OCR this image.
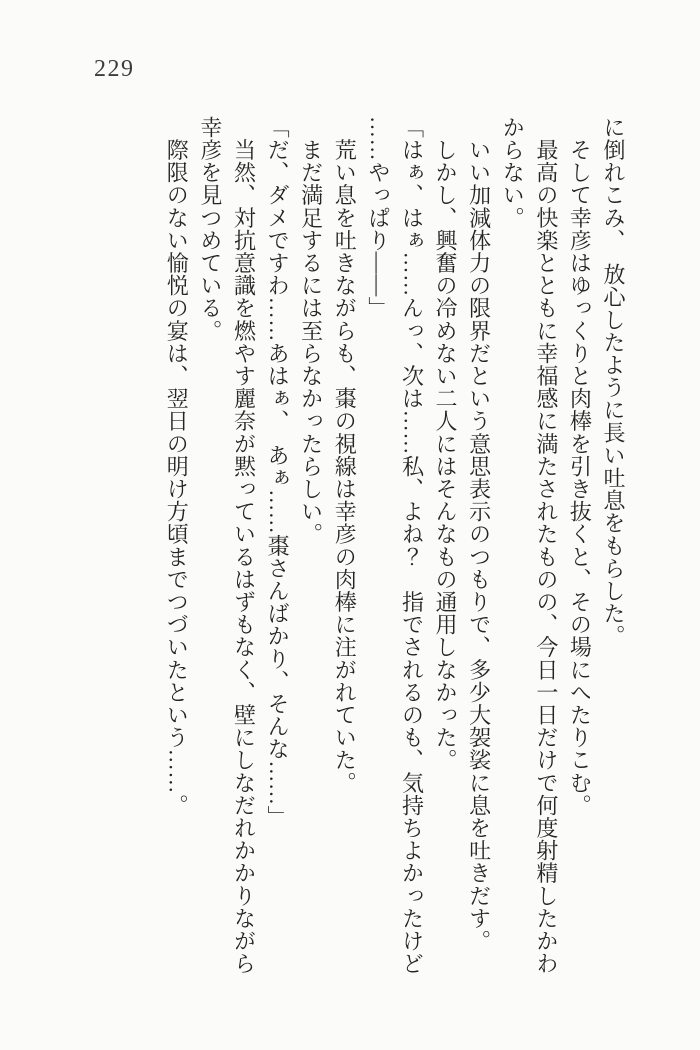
229

に倒れこみ、　放心したように長い吐息をもらした。

　そして幸彦はゆっくりと肉棒を引き抜くと、その場にへたりこむ。

　最高の快楽とともに幸福感に満たされたものの、今日一日だけで何度射精したかわからない。

　いい加減体力の限界だという意思表示のつもりで、多少大袈裟に息を吐きだす。

　しかし、興奮の冷めない二人にはそんなもの通用しなかった。

「はぁ、はぁ……んっ、次は……私、よね？　指でされるのも、気持ちよかったけど……やっぱり――」

　荒い息を吐きながらも、棗の視線は幸彦の肉棒に注がれていた。

　まだ満足するには至らなかったらしい。

「だ、ダメですわ……あはぁ、　あぁ……棗さんばかり、そんな……」

　当然、対抗意識を燃やす麗奈が黙っているはずもなく、壁にしなだれかかりながら幸彦を見つめている。

　際限のない愉悦の宴は、翌日の明け方頃までつづいたという……。
